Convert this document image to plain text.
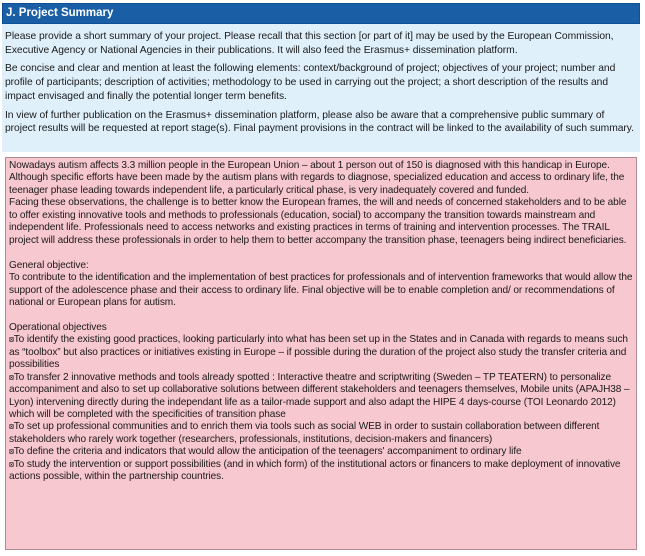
J. Project Summary

Please provide a short summary of your project. Please recall that this section [or part of it] may be used by the European Commission, Executive Agency or National Agencies in their publications. It will also feed the Erasmus+ dissemination platform.

Be concise and clear and mention at least the following elements: context/background of project; objectives of your project; number and profile of participants; description of activities; methodology to be used in carrying out the project; a short description of the results and impact envisaged and finally the potential longer term benefits.

In view of further publication on the Erasmus+ dissemination platform, please also be aware that a comprehensive public summary of project results will be requested at report stage(s). Final payment provisions in the contract will be linked to the availability of such summary.

Nowadays autism affects 3.3 million people in the European Union – about 1 person out of 150 is diagnosed with this handicap in Europe. Although specific efforts have been made by the autism plans with regards to diagnose, specialized education and access to ordinary life, the teenager phase leading towards independent life, a particularly critical phase, is very inadequately covered and funded.
Facing these observations, the challenge is to better know the European frames, the will and needs of concerned stakeholders and to be able to offer existing innovative tools and methods to professionals (education, social) to accompany the transition towards mainstream and independent life. Professionals need to access networks and existing practices in terms of training and intervention processes. The TRAIL project will address these professionals in order to help them to better accompany the transition phase, teenagers being indirect beneficiaries.
General objective:
To contribute to the identification and the implementation of best practices for professionals and of intervention frameworks that would allow the support of the adolescence phase and their access to ordinary life. Final objective will be to enable completion and/ or recommendations of national or European plans for autism.
Operational objectives
⊠To identify the existing good practices, looking particularly into what has been set up in the States and in Canada with regards to means such as “toolbox” but also practices or initiatives existing in Europe – if possible during the duration of the project also study the transfer criteria and possibilities
⊠To transfer 2 innovative methods and tools already spotted : Interactive theatre and scriptwriting (Sweden – TP TEATERN) to personalize accompaniment and also to set up collaborative solutions between different stakeholders and teenagers themselves, Mobile units (APAJH38 – Lyon) intervening directly during the independant life as a tailor-made support and also adapt the HIPE 4 days-course (TOI Leonardo 2012) which will be completed with the specificities of transition phase
⊠To set up professional communities and to enrich them via tools such as social WEB in order to sustain collaboration between different stakeholders who rarely work together (researchers, professionals, institutions, decision-makers and financers)
⊠To define the criteria and indicators that would allow the anticipation of the teenagers' accompaniment to ordinary life
⊠To study the intervention or support possibilities (and in which form) of the institutional actors or financers to make deployment of innovative actions possible, within the partnership countries.
